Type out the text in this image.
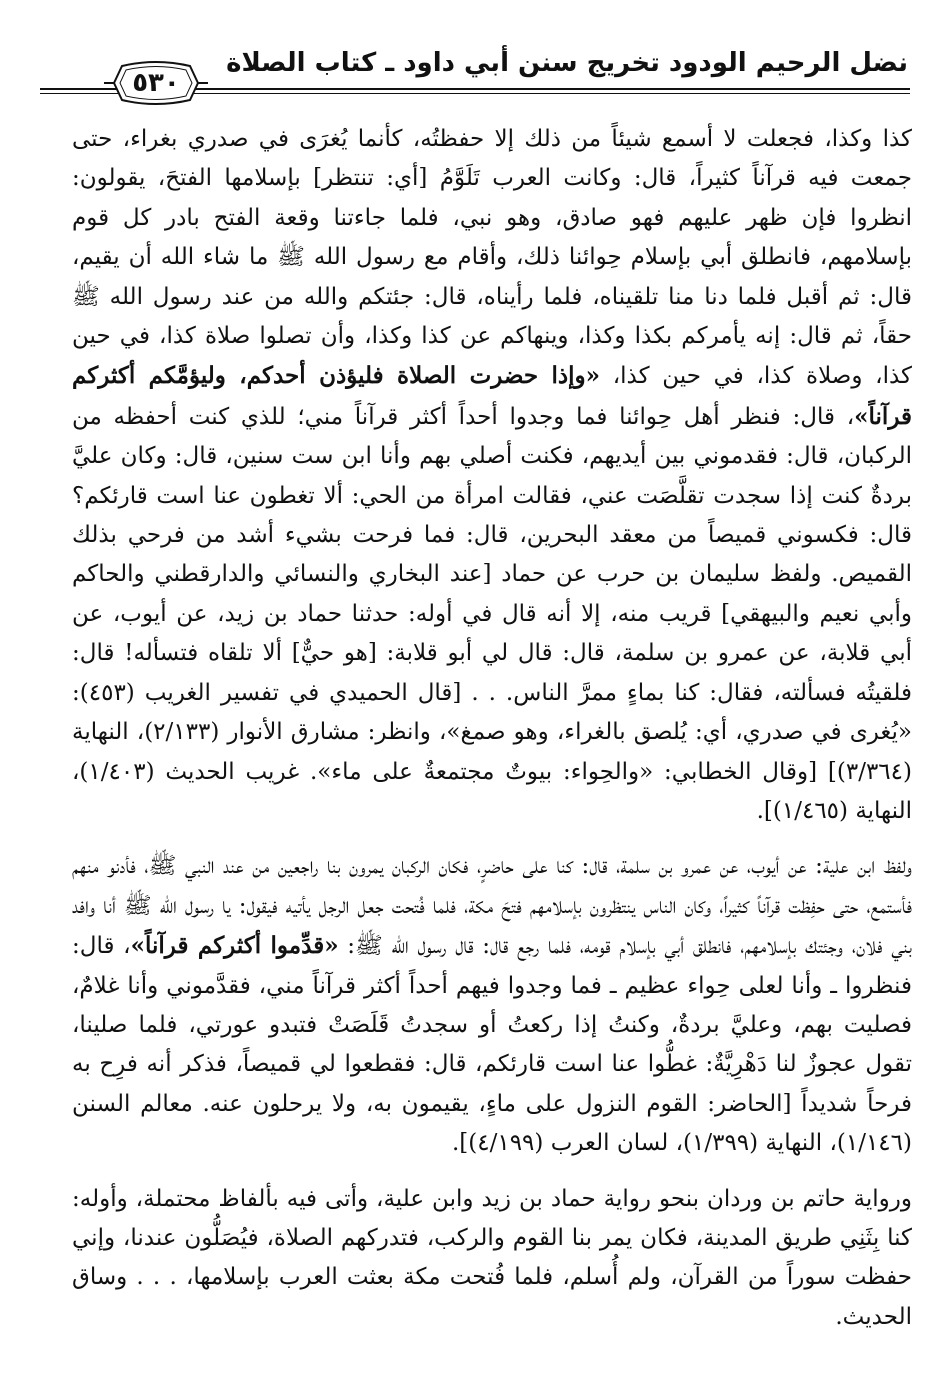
نضل الرحيم الودود تخريج سنن أبي داود ـ كتاب الصلاة
٥٣٠

كذا وكذا، فجعلت لا أسمع شيئاً من ذلك إلا حفظتُه، كأنما يُغرَى في صدري بغراء، حتى جمعت فيه قرآناً كثيراً، قال: وكانت العرب تَلَوَّمُ [أي: تنتظر] بإسلامها الفتحَ، يقولون: انظروا فإن ظهر عليهم فهو صادق، وهو نبي، فلما جاءتنا وقعة الفتح بادر كل قوم بإسلامهم، فانطلق أبي بإسلام حِوائنا ذلك، وأقام مع رسول الله ﷺ ما شاء الله أن يقيم، قال: ثم أقبل فلما دنا منا تلقيناه، فلما رأيناه، قال: جئتكم والله من عند رسول الله ﷺ حقاً، ثم قال: إنه يأمركم بكذا وكذا، وينهاكم عن كذا وكذا، وأن تصلوا صلاة كذا، في حين كذا، وصلاة كذا، في حين كذا، «وإذا حضرت الصلاة فليؤذن أحدكم، وليؤمَّكم أكثركم قرآناً»، قال: فنظر أهل حِوائنا فما وجدوا أحداً أكثر قرآناً مني؛ للذي كنت أحفظه من الركبان، قال: فقدموني بين أيديهم، فكنت أصلي بهم وأنا ابن ست سنين، قال: وكان عليَّ بردةٌ كنت إذا سجدت تقلَّصَت عني، فقالت امرأة من الحي: ألا تغطون عنا است قارئكم؟ قال: فكسوني قميصاً من معقد البحرين، قال: فما فرحت بشيء أشد من فرحي بذلك القميص. ولفظ سليمان بن حرب عن حماد [عند البخاري والنسائي والدارقطني والحاكم وأبي نعيم والبيهقي] قريب منه، إلا أنه قال في أوله: حدثنا حماد بن زيد، عن أيوب، عن أبي قلابة، عن عمرو بن سلمة، قال: قال لي أبو قلابة: [هو حيٌّ] ألا تلقاه فتسأله! قال: فلقيتُه فسألته، فقال: كنا بماءٍ ممرَّ الناس. . . [قال الحميدي في تفسير الغريب (٤٥٣): «يُغرى في صدري، أي: يُلصق بالغراء، وهو صمغ»، وانظر: مشارق الأنوار (٢/١٣٣)، النهاية (٣/٣٦٤)] [وقال الخطابي: «والحِواء: بيوتٌ مجتمعةٌ على ماء». غريب الحديث (١/٤٠٣)، النهاية (١/٤٦٥)].

ولفظ ابن علية: عن أيوب، عن عمرو بن سلمة، قال: كنا على حاضرٍ، فكان الركبان يمرون بنا راجعين من عند النبي ﷺ، فأدنو منهم فأستمع، حتى حفِظت قرآناً كثيراً، وكان الناس ينتظرون بإسلامهم فتحَ مكة، فلما فُتحت جعل الرجل يأتيه فيقول: يا رسول الله ﷺ أنا وافد بني فلان، وجئتك بإسلامهم، فانطلق أبي بإسلام قومه، فلما رجع قال: قال رسول الله ﷺ: «قدِّموا أكثركم قرآناً»، قال: فنظروا ـ وأنا لعلى حِواء عظيم ـ فما وجدوا فيهم أحداً أكثر قرآناً مني، فقدَّموني وأنا غلامٌ، فصليت بهم، وعليَّ بردةٌ، وكنتُ إذا ركعتُ أو سجدتُ قَلَصَتْ فتبدو عورتي، فلما صلينا، تقول عجوزٌ لنا دَهْرِيَّةٌ: غطُّوا عنا است قارئكم، قال: فقطعوا لي قميصاً، فذكر أنه فرِح به فرحاً شديداً [الحاضر: القوم النزول على ماءٍ، يقيمون به، ولا يرحلون عنه. معالم السنن (١/١٤٦)، النهاية (١/٣٩٩)، لسان العرب (٤/١٩٩)].

ورواية حاتم بن وردان بنحو رواية حماد بن زيد وابن علية، وأتى فيه بألفاظ محتملة، وأوله: كنا بِثَنِي طريق المدينة، فكان يمر بنا القوم والركب، فتدركهم الصلاة، فيُصَلُّون عندنا، وإني حفظت سوراً من القرآن، ولم أُسلم، فلما فُتحت مكة بعثت العرب بإسلامها، . . . وساق الحديث.
